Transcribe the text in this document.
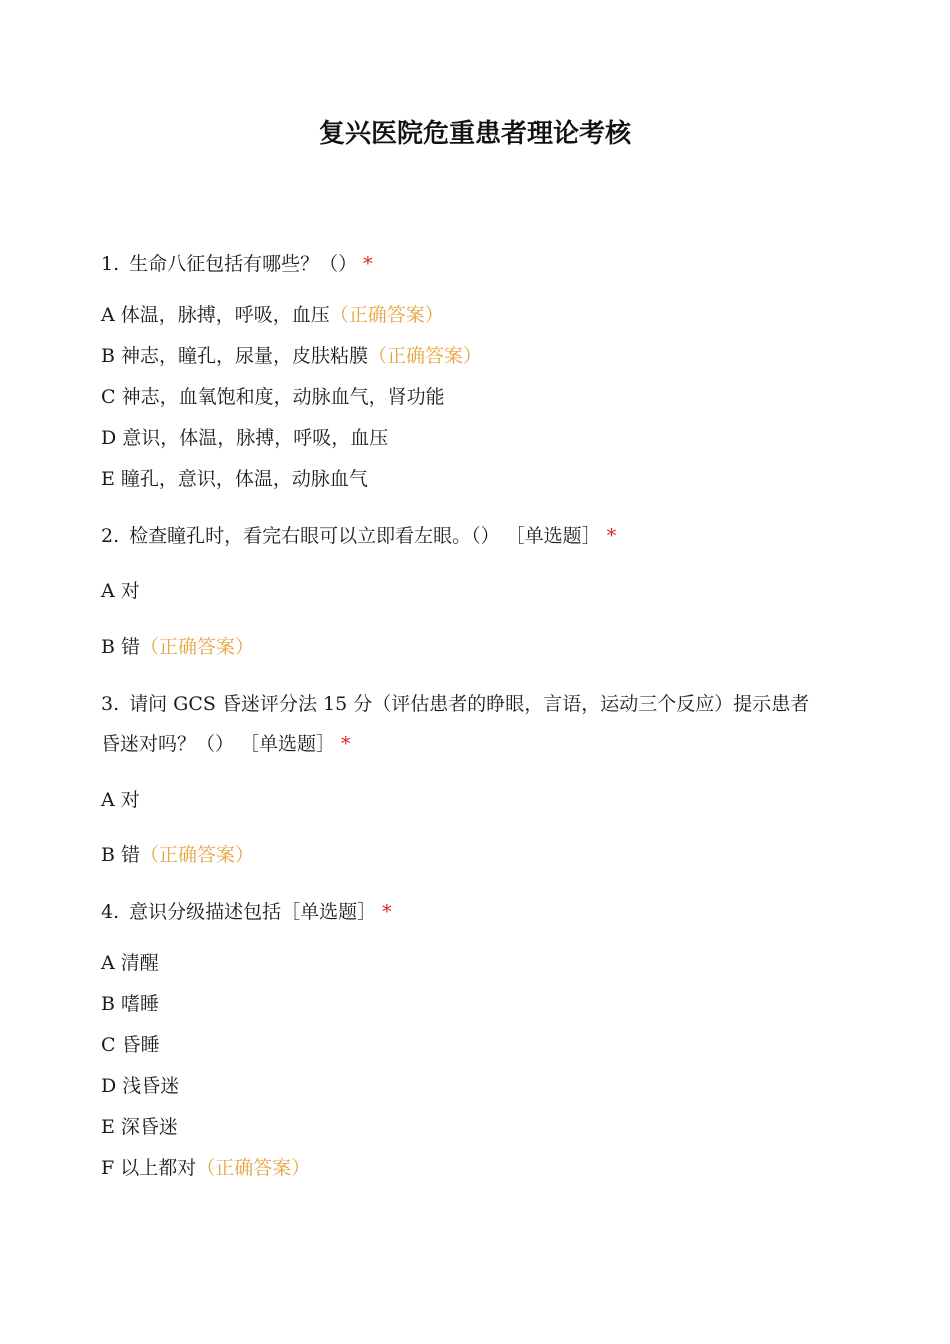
复兴医院危重患者理论考核
1. 生命八征包括有哪些？（） *
A 体温，脉搏，呼吸，血压（正确答案）
B 神志，瞳孔，尿量，皮肤粘膜（正确答案）
C 神志，血氧饱和度，动脉血气，肾功能
D 意识，体温，脉搏，呼吸，血压
E 瞳孔，意识，体温，动脉血气
2. 检查瞳孔时，看完右眼可以立即看左眼。（） ［单选题］ *
A 对
B 错（正确答案）
3. 请问 GCS 昏迷评分法 15 分（评估患者的睁眼，言语，运动三个反应）提示患者
昏迷对吗？（） ［单选题］ *
A 对
B 错（正确答案）
4. 意识分级描述包括［单选题］ *
A 清醒
B 嗜睡
C 昏睡
D 浅昏迷
E 深昏迷
F 以上都对（正确答案）
